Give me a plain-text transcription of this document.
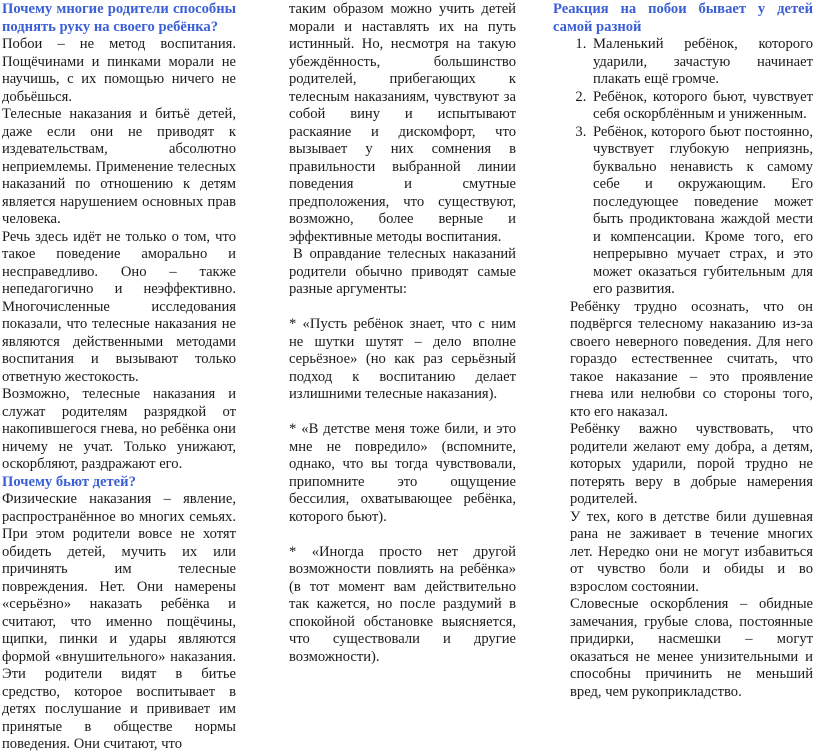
Почему многие родители способны поднять руку на своего ребёнка?

Побои – не метод воспитания. Пощёчинами и пинками морали не научишь, с их помощью ничего не добьёшься.

Телесные наказания и битьё детей, даже если они не приводят к издевательствам, абсолютно неприемлемы. Применение телесных наказаний по отношению к детям является нарушением основных прав человека.

Речь здесь идёт не только о том, что такое поведение аморально и несправедливо. Оно – также непедагогично и неэффективно. Многочисленные исследования показали, что телесные наказания не являются действенными методами воспитания и вызывают только ответную жестокость.

Возможно, телесные наказания и служат родителям разрядкой от накопившегося гнева, но ребёнка они ничему не учат. Только унижают, оскорбляют, раздражают его.

Почему бьют детей?

Физические наказания – явление, распространённое во многих семьях. При этом родители вовсе не хотят обидеть детей, мучить их или причинять им телесные повреждения. Нет. Они намерены «серьёзно» наказать ребёнка и считают, что именно пощёчины, щипки, пинки и удары являются формой «внушительного» наказания. Эти родители видят в битье средство, которое воспитывает в детях послушание и прививает им принятые в обществе нормы поведения. Они считают, что

таким образом можно учить детей морали и наставлять их на путь истинный. Но, несмотря на такую убеждённость, большинство родителей, прибегающих к телесным наказаниям, чувствуют за собой вину и испытывают раскаяние и дискомфорт, что вызывает у них сомнения в правильности выбранной линии поведения и смутные предположения, что существуют, возможно, более верные и эффективные методы воспитания.

В оправдание телесных наказаний родители обычно приводят самые разные аргументы:

* «Пусть ребёнок знает, что с ним не шутки шутят – дело вполне серьёзное» (но как раз серьёзный подход к воспитанию делает излишними телесные наказания).

* «В детстве меня тоже били, и это мне не повредило» (вспомните, однако, что вы тогда чувствовали, припомните это ощущение бессилия, охватывающее ребёнка, которого бьют).

* «Иногда просто нет другой возможности повлиять на ребёнка» (в тот момент вам действительно так кажется, но после раздумий в спокойной обстановке выясняется, что существовали и другие возможности).

Реакция на побои бывает у детей самой разной

1. Маленький ребёнок, которого ударили, зачастую начинает плакать ещё громче.
2. Ребёнок, которого бьют, чувствует себя оскорблённым и униженным.
3. Ребёнок, которого бьют постоянно, чувствует глубокую неприязнь, буквально ненависть к самому себе и окружающим. Его последующее поведение может быть продиктована жаждой мести и компенсации. Кроме того, его непрерывно мучает страх, и это может оказаться губительным для его развития.

Ребёнку трудно осознать, что он подвёргся телесному наказанию из-за своего неверного поведения. Для него гораздо естественнее считать, что такое наказание – это проявление гнева или нелюбви со стороны того, кто его наказал.

Ребёнку важно чувствовать, что родители желают ему добра, а детям, которых ударили, порой трудно не потерять веру в добрые намерения родителей.

У тех, кого в детстве били душевная рана не заживает в течение многих лет. Нередко они не могут избавиться от чувство боли и обиды и во взрослом состоянии.

Словесные оскорбления – обидные замечания, грубые слова, постоянные придирки, насмешки – могут оказаться не менее унизительными и способны причинить не меньший вред, чем рукоприкладство.
